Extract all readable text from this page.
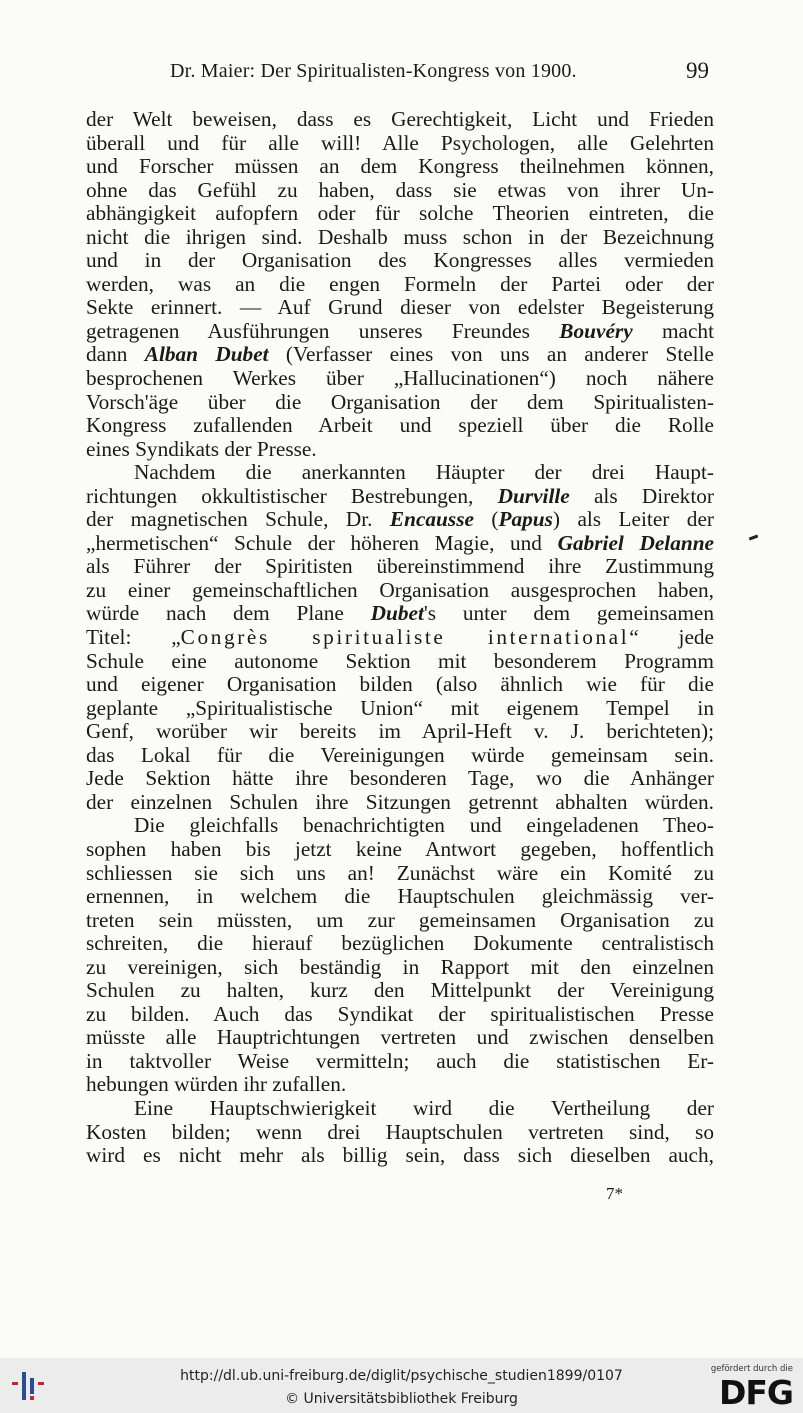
Dr. Maier: Der Spiritualisten-Kongress von 1900.	99
der Welt beweisen, dass es Gerechtigkeit, Licht und Frieden
überall und für alle will! Alle Psychologen, alle Gelehrten
und Forscher müssen an dem Kongress theilnehmen können,
ohne das Gefühl zu haben, dass sie etwas von ihrer Un-
abhängigkeit aufopfern oder für solche Theorien eintreten, die
nicht die ihrigen sind. Deshalb muss schon in der Bezeichnung
und in der Organisation des Kongresses alles vermieden
werden, was an die engen Formeln der Partei oder der
Sekte erinnert. — Auf Grund dieser von edelster Begeisterung
getragenen Ausführungen unseres Freundes Bouvéry macht
dann Alban Dubet (Verfasser eines von uns an anderer Stelle
besprochenen Werkes über „Hallucinationen“) noch nähere
Vorsch'äge über die Organisation der dem Spiritualisten-
Kongress zufallenden Arbeit und speziell über die Rolle
eines Syndikats der Presse.
Nachdem die anerkannten Häupter der drei Haupt-
richtungen okkultistischer Bestrebungen, Durville als Direktor
der magnetischen Schule, Dr. Encausse (Papus) als Leiter der
„hermetischen“ Schule der höheren Magie, und Gabriel Delanne
als Führer der Spiritisten übereinstimmend ihre Zustimmung
zu einer gemeinschaftlichen Organisation ausgesprochen haben,
würde nach dem Plane Dubet's unter dem gemeinsamen
Titel: „Congrès spiritualiste international“ jede
Schule eine autonome Sektion mit besonderem Programm
und eigener Organisation bilden (also ähnlich wie für die
geplante „Spiritualistische Union“ mit eigenem Tempel in
Genf, worüber wir bereits im April-Heft v. J. berichteten);
das Lokal für die Vereinigungen würde gemeinsam sein.
Jede Sektion hätte ihre besonderen Tage, wo die Anhänger
der einzelnen Schulen ihre Sitzungen getrennt abhalten würden.
Die gleichfalls benachrichtigten und eingeladenen Theo-
sophen haben bis jetzt keine Antwort gegeben, hoffentlich
schliessen sie sich uns an! Zunächst wäre ein Komité zu
ernennen, in welchem die Hauptschulen gleichmässig ver-
treten sein müssten, um zur gemeinsamen Organisation zu
schreiten, die hierauf bezüglichen Dokumente centralistisch
zu vereinigen, sich beständig in Rapport mit den einzelnen
Schulen zu halten, kurz den Mittelpunkt der Vereinigung
zu bilden. Auch das Syndikat der spiritualistischen Presse
müsste alle Hauptrichtungen vertreten und zwischen denselben
in taktvoller Weise vermitteln; auch die statistischen Er-
hebungen würden ihr zufallen.
Eine Hauptschwierigkeit wird die Vertheilung der
Kosten bilden; wenn drei Hauptschulen vertreten sind, so
wird es nicht mehr als billig sein, dass sich dieselben auch,
7*
http://dl.ub.uni-freiburg.de/diglit/psychische_studien1899/0107
© Universitätsbibliothek Freiburg
gefördert durch die
DFG
